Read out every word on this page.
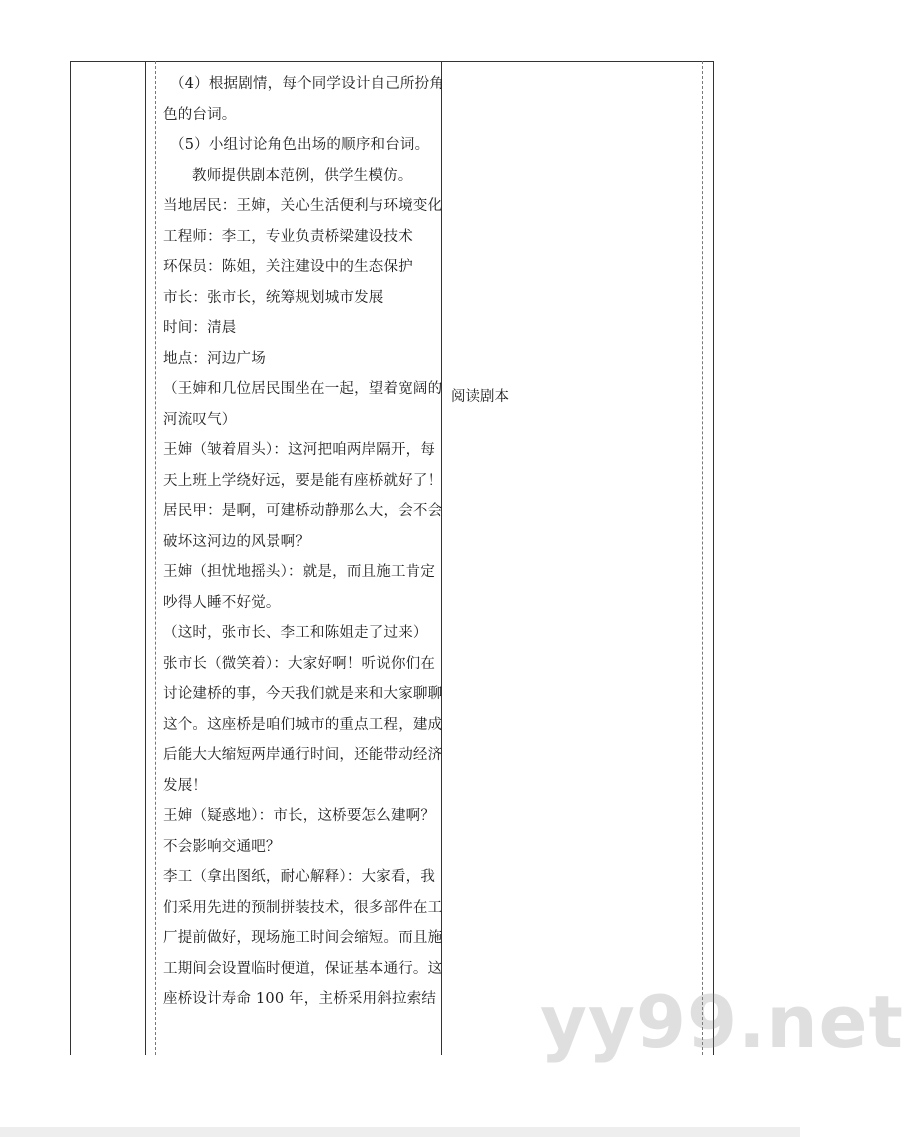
（4）根据剧情，每个同学设计自己所扮角
色的台词。
（5）小组讨论角色出场的顺序和台词。
教师提供剧本范例，供学生模仿。
当地居民：王婶，关心生活便利与环境变化
工程师：李工，专业负责桥梁建设技术
环保员：陈姐，关注建设中的生态保护
市长：张市长，统筹规划城市发展
时间：清晨
地点：河边广场
（王婶和几位居民围坐在一起，望着宽阔的
河流叹气）
王婶（皱着眉头）：这河把咱两岸隔开，每
天上班上学绕好远，要是能有座桥就好了！
居民甲：是啊，可建桥动静那么大，会不会
破坏这河边的风景啊？
王婶（担忧地摇头）：就是，而且施工肯定
吵得人睡不好觉。
（这时，张市长、李工和陈姐走了过来）
张市长（微笑着）：大家好啊！听说你们在
讨论建桥的事，今天我们就是来和大家聊聊
这个。这座桥是咱们城市的重点工程，建成
后能大大缩短两岸通行时间，还能带动经济
发展！
王婶（疑惑地）：市长，这桥要怎么建啊？
不会影响交通吧？
李工（拿出图纸，耐心解释）：大家看，我
们采用先进的预制拼装技术，很多部件在工
厂提前做好，现场施工时间会缩短。而且施
工期间会设置临时便道，保证基本通行。这
座桥设计寿命 100 年，主桥采用斜拉索结
阅读剧本
yy99.net
